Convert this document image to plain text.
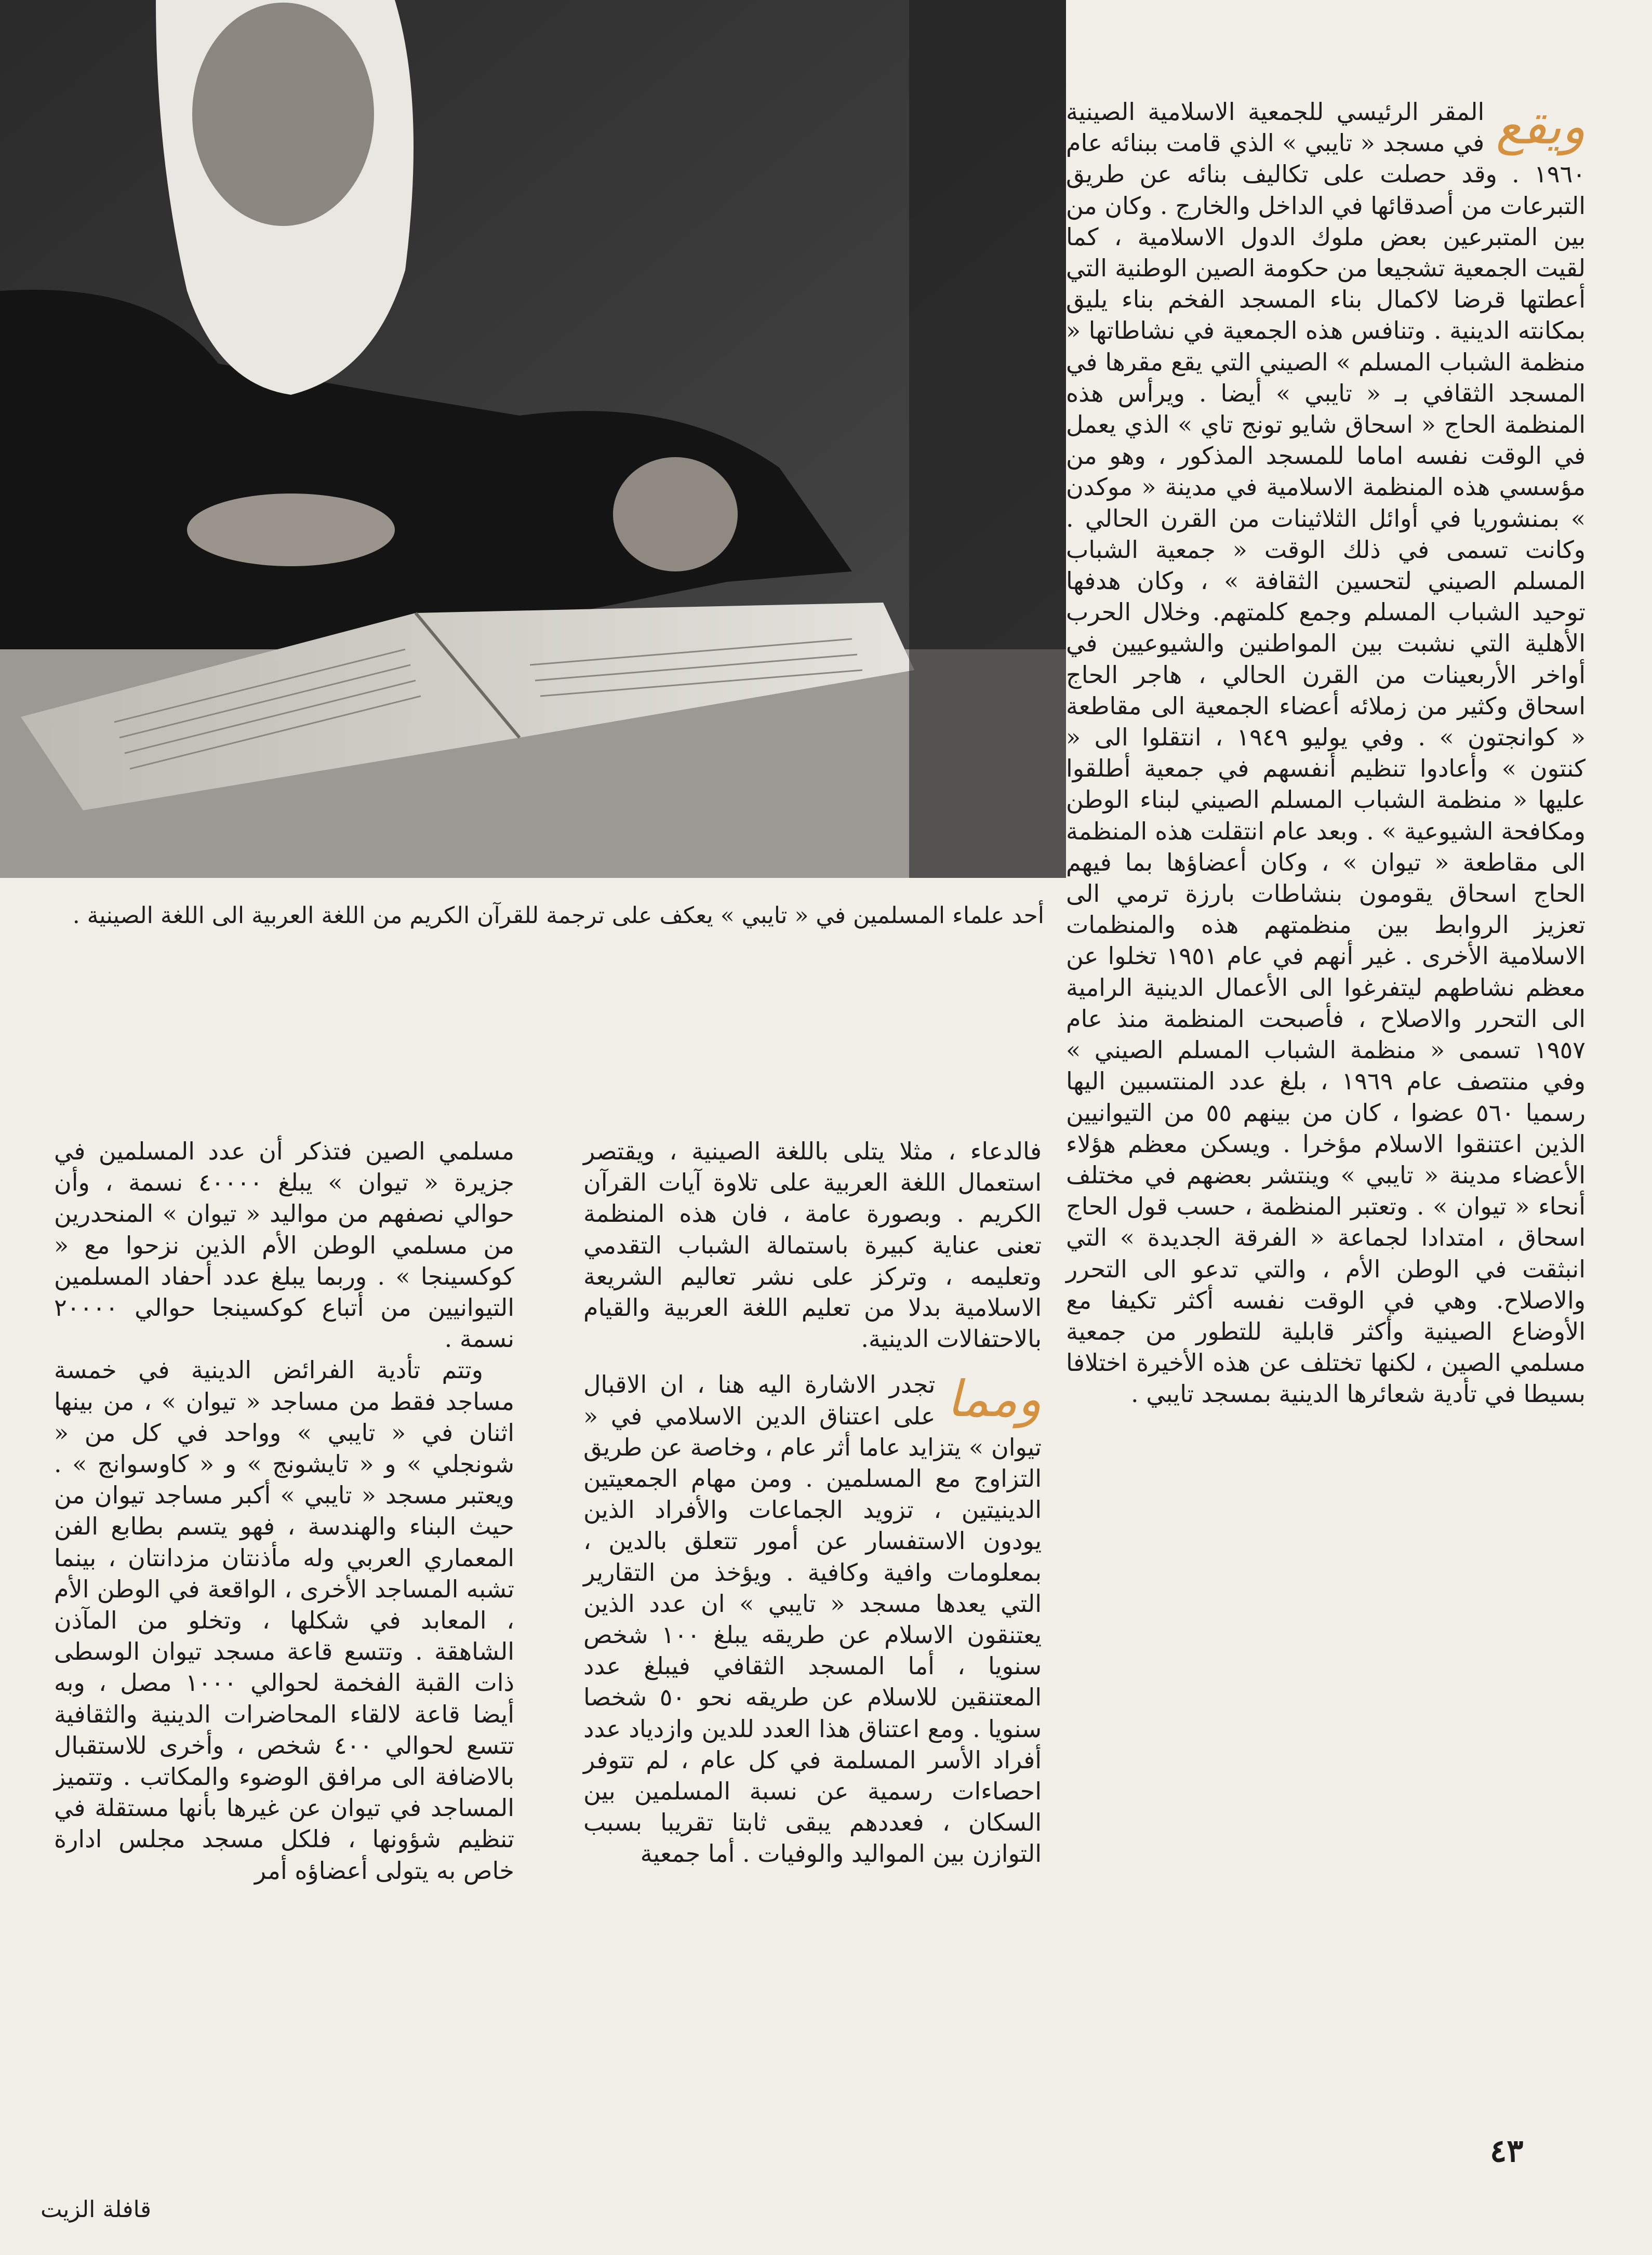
أحد علماء المسلمين في « تايبي » يعكف على ترجمة للقرآن الكريم من اللغة العربية الى اللغة الصينية .

ويقع
المقر الرئيسي للجمعية الاسلامية الصينية في مسجد « تايبي » الذي قامت ببنائه عام ١٩٦٠ . وقد حصلت على تكاليف بنائه عن طريق التبرعات من أصدقائها في الداخل والخارج . وكان من بين المتبرعين بعض ملوك الدول الاسلامية ، كما لقيت الجمعية تشجيعا من حكومة الصين الوطنية التي أعطتها قرضا لاكمال بناء المسجد الفخم بناء يليق بمكانته الدينية . وتنافس هذه الجمعية في نشاطاتها « منظمة الشباب المسلم » الصيني التي يقع مقرها في المسجد الثقافي بـ « تايبي » أيضا . ويرأس هذه المنظمة الحاج « اسحاق شايو تونج تاي » الذي يعمل في الوقت نفسه اماما للمسجد المذكور ، وهو من مؤسسي هذه المنظمة الاسلامية في مدينة « موكدن » بمنشوريا في أوائل الثلاثينات من القرن الحالي . وكانت تسمى في ذلك الوقت « جمعية الشباب المسلم الصيني لتحسين الثقافة » ، وكان هدفها توحيد الشباب المسلم وجمع كلمتهم. وخلال الحرب الأهلية التي نشبت بين المواطنين والشيوعيين في أواخر الأربعينات من القرن الحالي ، هاجر الحاج اسحاق وكثير من زملائه أعضاء الجمعية الى مقاطعة « كوانجتون » . وفي يوليو ١٩٤٩ ، انتقلوا الى « كنتون » وأعادوا تنظيم أنفسهم في جمعية أطلقوا عليها « منظمة الشباب المسلم الصيني لبناء الوطن ومكافحة الشيوعية » . وبعد عام انتقلت هذه المنظمة الى مقاطعة « تيوان » ، وكان أعضاؤها بما فيهم الحاج اسحاق يقومون بنشاطات بارزة ترمي الى تعزيز الروابط بين منظمتهم هذه والمنظمات الاسلامية الأخرى . غير أنهم في عام ١٩٥١ تخلوا عن معظم نشاطهم ليتفرغوا الى الأعمال الدينية الرامية الى التحرر والاصلاح ، فأصبحت المنظمة منذ عام ١٩٥٧ تسمى « منظمة الشباب المسلم الصيني » وفي منتصف عام ١٩٦٩ ، بلغ عدد المنتسبين اليها رسميا ٥٦٠ عضوا ، كان من بينهم ٥٥ من التيوانيين الذين اعتنقوا الاسلام مؤخرا . ويسكن معظم هؤلاء الأعضاء مدينة « تايبي » وينتشر بعضهم في مختلف أنحاء « تيوان » . وتعتبر المنظمة ، حسب قول الحاج اسحاق ، امتدادا لجماعة « الفرقة الجديدة » التي انبثقت في الوطن الأم ، والتي تدعو الى التحرر والاصلاح. وهي في الوقت نفسه أكثر تكيفا مع الأوضاع الصينية وأكثر قابلية للتطور من جمعية مسلمي الصين ، لكنها تختلف عن هذه الأخيرة اختلافا بسيطا في تأدية شعائرها الدينية بمسجد تايبي .

فالدعاء ، مثلا يتلى باللغة الصينية ، ويقتصر استعمال اللغة العربية على تلاوة آيات القرآن الكريم . وبصورة عامة ، فان هذه المنظمة تعنى عناية كبيرة باستمالة الشباب التقدمي وتعليمه ، وتركز على نشر تعاليم الشريعة الاسلامية بدلا من تعليم اللغة العربية والقيام بالاحتفالات الدينية.

ومما
تجدر الاشارة اليه هنا ، ان الاقبال على اعتناق الدين الاسلامي في « تيوان » يتزايد عاما أثر عام ، وخاصة عن طريق التزاوج مع المسلمين . ومن مهام الجمعيتين الدينيتين ، تزويد الجماعات والأفراد الذين يودون الاستفسار عن أمور تتعلق بالدين ، بمعلومات وافية وكافية . ويؤخذ من التقارير التي يعدها مسجد « تايبي » ان عدد الذين يعتنقون الاسلام عن طريقه يبلغ ١٠٠ شخص سنويا ، أما المسجد الثقافي فيبلغ عدد المعتنقين للاسلام عن طريقه نحو ٥٠ شخصا سنويا . ومع اعتناق هذا العدد للدين وازدياد عدد أفراد الأسر المسلمة في كل عام ، لم تتوفر احصاءات رسمية عن نسبة المسلمين بين السكان ، فعددهم يبقى ثابتا تقريبا بسبب التوازن بين المواليد والوفيات . أما جمعية

مسلمي الصين فتذكر أن عدد المسلمين في جزيرة « تيوان » يبلغ ٤٠٠٠٠ نسمة ، وأن حوالي نصفهم من مواليد « تيوان » المنحدرين من مسلمي الوطن الأم الذين نزحوا مع « كوكسينجا » . وربما يبلغ عدد أحفاد المسلمين التيوانيين من أتباع كوكسينجا حوالي ٢٠٠٠٠ نسمة .

وتتم تأدية الفرائض الدينية في خمسة مساجد فقط من مساجد « تيوان » ، من بينها اثنان في « تايبي » وواحد في كل من « شونجلي » و « تايشونج » و « كاوسوانج » . ويعتبر مسجد « تايبي » أكبر مساجد تيوان من حيث البناء والهندسة ، فهو يتسم بطابع الفن المعماري العربي وله مأذنتان مزدانتان ، بينما تشبه المساجد الأخرى ، الواقعة في الوطن الأم ، المعابد في شكلها ، وتخلو من المآذن الشاهقة . وتتسع قاعة مسجد تيوان الوسطى ذات القبة الفخمة لحوالي ١٠٠٠ مصل ، وبه أيضا قاعة لالقاء المحاضرات الدينية والثقافية تتسع لحوالي ٤٠٠ شخص ، وأخرى للاستقبال بالاضافة الى مرافق الوضوء والمكاتب . وتتميز المساجد في تيوان عن غيرها بأنها مستقلة في تنظيم شؤونها ، فلكل مسجد مجلس ادارة خاص به يتولى أعضاؤه أمر

٤٣
قافلة الزيت
